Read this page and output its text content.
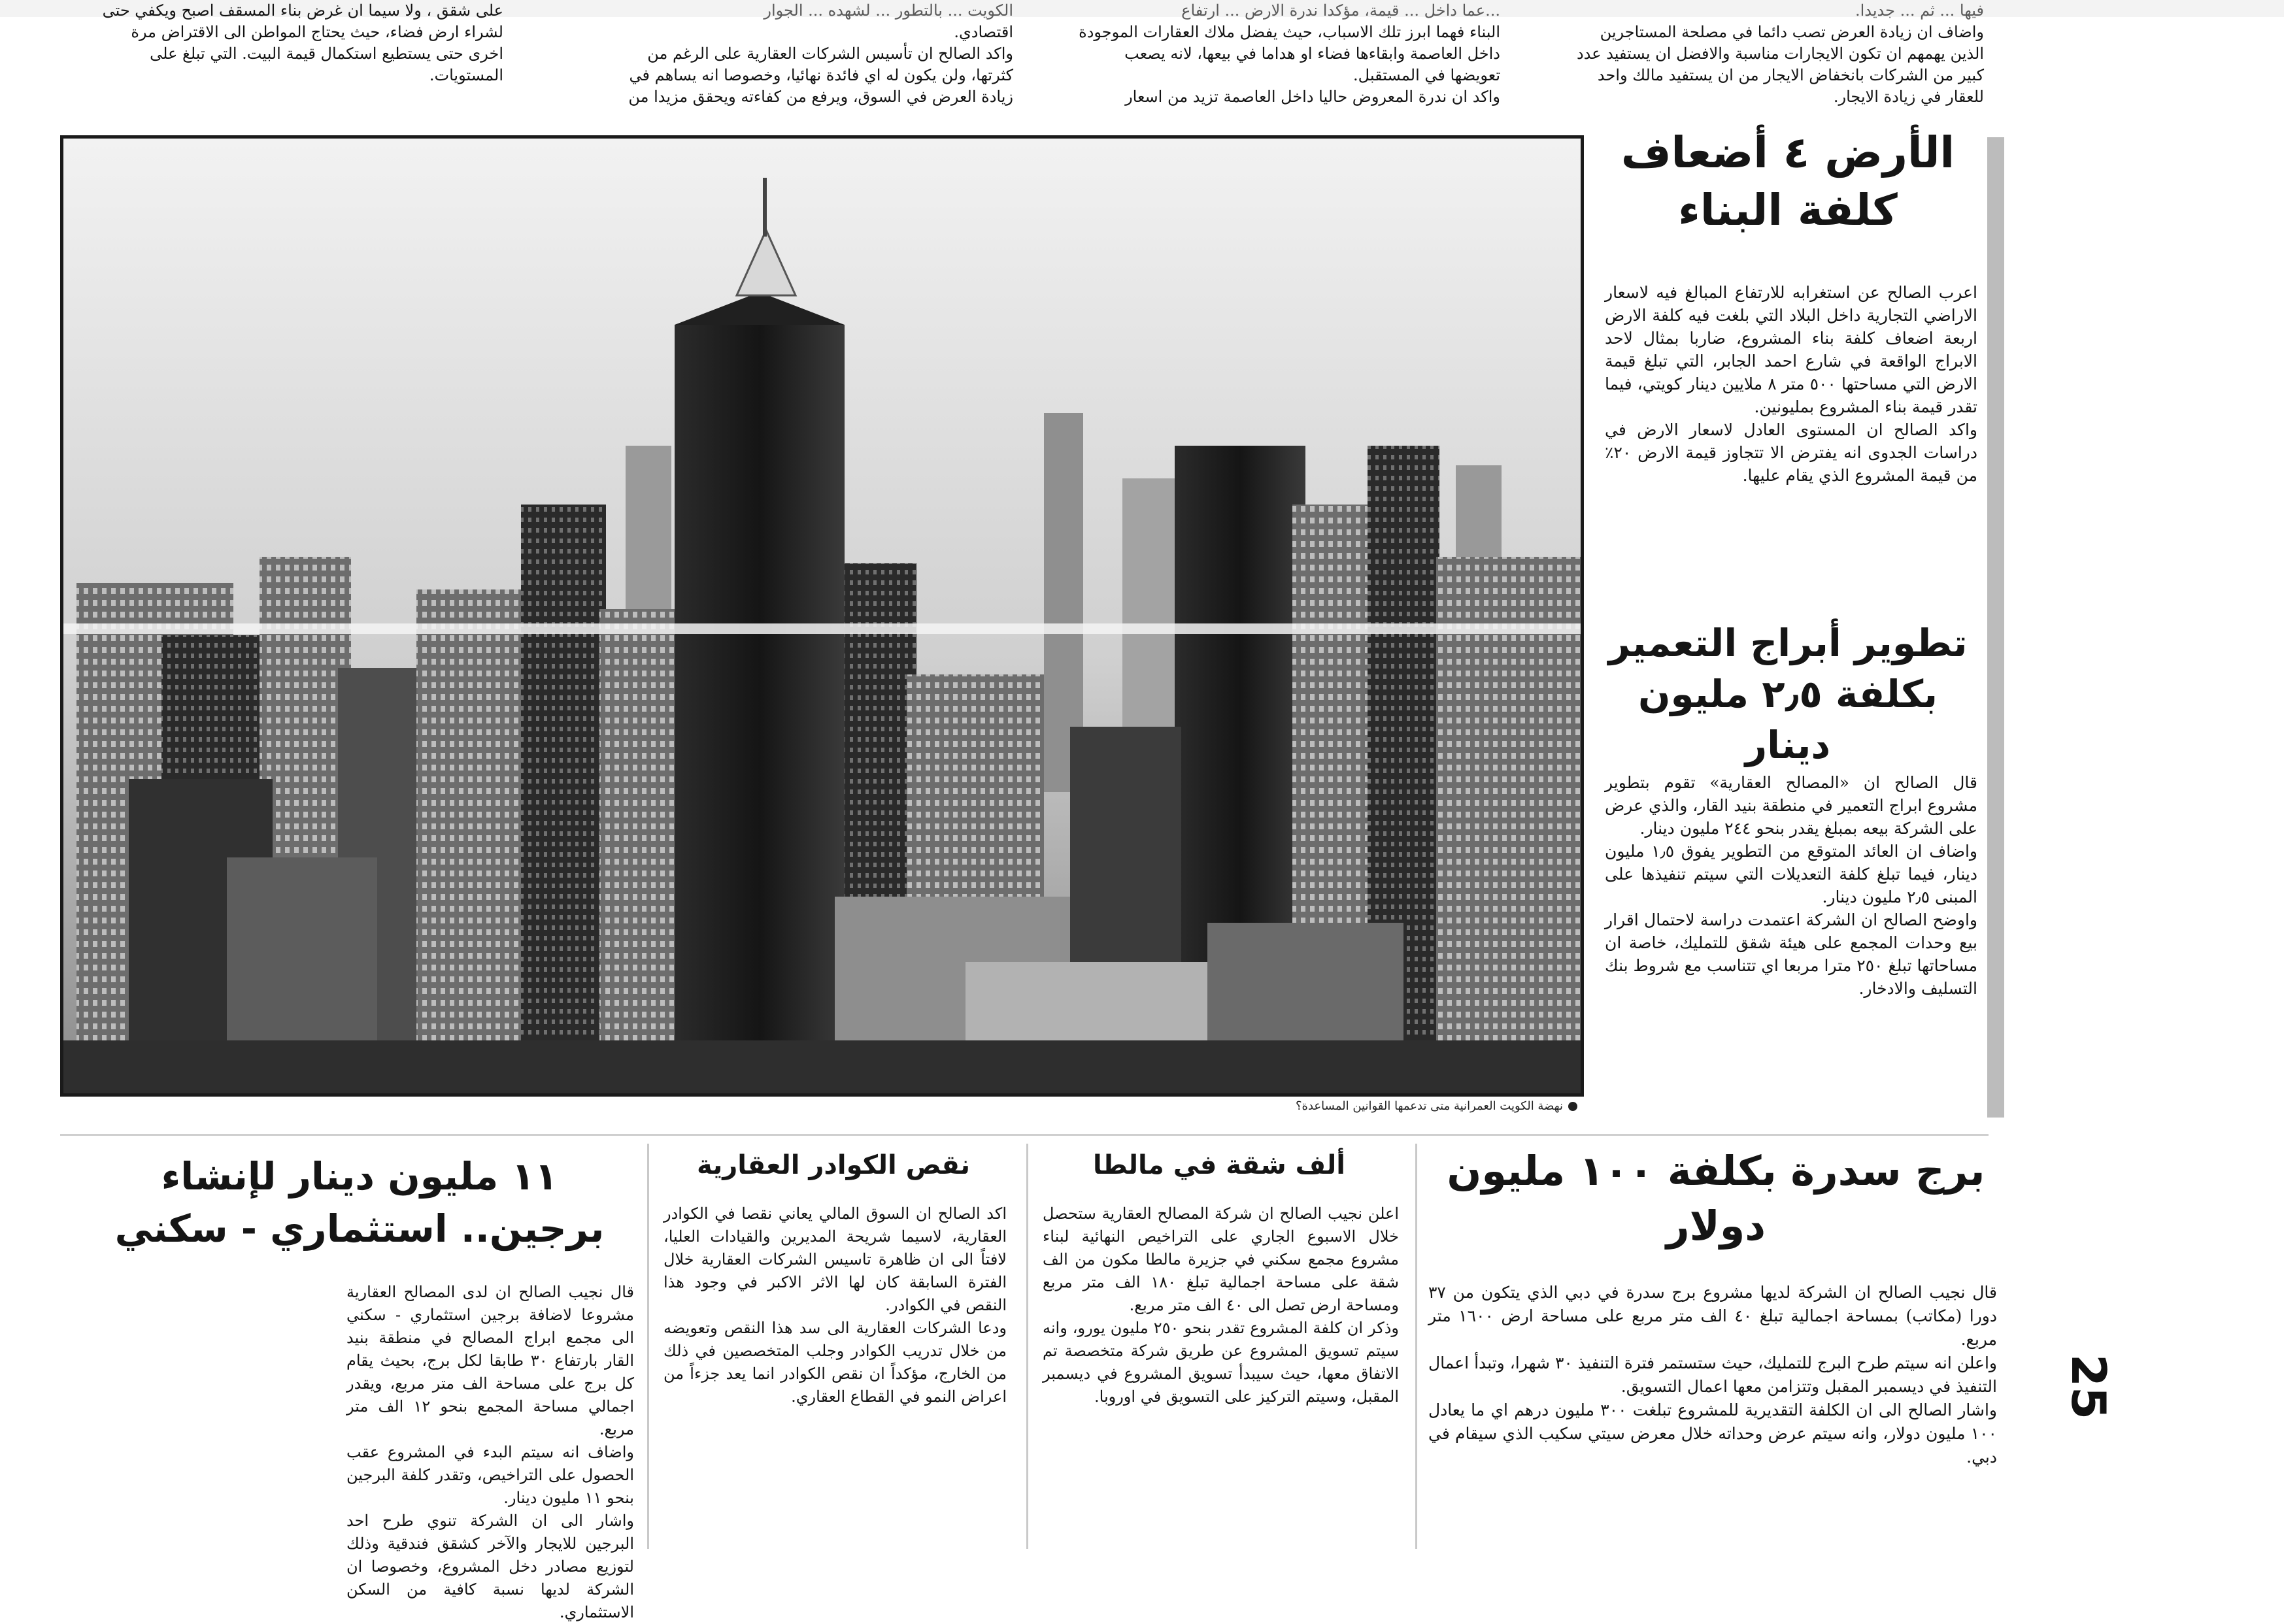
على شقق ، ولا سيما ان غرض بناء المسقف اصبح ويكفي حتى

لشراء ارض فضاء، حيث يحتاج المواطن الى الاقتراض مرة

اخرى حتى يستطيع استكمال قيمة البيت. التي تبلغ على

المستويات.

الكويت ... بالتطور ... لشهده ... الجوار

اقتصادي.

واكد الصالح ان تأسيس الشركات العقارية على الرغم من

كثرتها، ولن يكون له اي فائدة نهائيا، وخصوصا انه يساهم في

زيادة العرض في السوق، ويرفع من كفاءته ويحقق مزيدا من

...عما داخل ... قيمة، مؤكدا ندرة الارض ... ارتفاع

البناء فهما ابرز تلك الاسباب، حيث يفضل ملاك العقارات الموجودة

داخل العاصمة وابقاءها فضاء او هداما في بيعها، لانه يصعب

تعويضها في المستقبل.

واكد ان ندرة المعروض حاليا داخل العاصمة تزيد من اسعار

فيها ... ثم ... جديدا.

واضاف ان زيادة العرض تصب دائما في مصلحة المستاجرين

الذين يهمهم ان تكون الايجارات مناسبة والافضل ان يستفيد عدد

كبير من الشركات بانخفاض الايجار من ان يستفيد مالك واحد

للعقار في زيادة الايجار.

نهضة الكويت العمرانية متى تدعمها القوانين المساعدة؟
الأرض ٤ أضعاف كلفة البناء

اعرب الصالح عن استغرابه للارتفاع المبالغ فيه لاسعار الاراضي التجارية داخل البلاد التي بلغت فيه كلفة الارض اربعة اضعاف كلفة بناء المشروع، ضاربا بمثال لاحد الابراج الواقعة في شارع احمد الجابر، التي تبلغ قيمة الارض التي مساحتها ٥٠٠ متر ٨ ملايين دينار كويتي، فيما تقدر قيمة بناء المشروع بمليونين.

واكد الصالح ان المستوى العادل لاسعار الارض في دراسات الجدوى انه يفترض الا تتجاوز قيمة الارض ٢٠٪ من قيمة المشروع الذي يقام عليها.

تطوير أبراج التعمير بكلفة ٢٫٥ مليون دينار

قال الصالح ان «المصالح العقارية» تقوم بتطوير مشروع ابراج التعمير في منطقة بنيد القار، والذي عرض على الشركة بيعه بمبلغ يقدر بنحو ٢٤٤ مليون دينار.

واضاف ان العائد المتوقع من التطوير يفوق ١٫٥ مليون دينار، فيما تبلغ كلفة التعديلات التي سيتم تنفيذها على المبنى ٢٫٥ مليون دينار.

واوضح الصالح ان الشركة اعتمدت دراسة لاحتمال اقرار بيع وحدات المجمع على هيئة شقق للتمليك، خاصة ان مساحاتها تبلغ ٢٥٠ مترا مربعا اي تتناسب مع شروط بنك التسليف والادخار.

برج سدرة بكلفة ١٠٠ مليون دولار

قال نجيب الصالح ان الشركة لديها مشروع برج سدرة في دبي الذي يتكون من ٣٧ دورا (مكاتب) بمساحة اجمالية تبلغ ٤٠ الف متر مربع على مساحة ارض ١٦٠٠ متر مربع.

واعلن انه سيتم طرح البرج للتمليك، حيث ستستمر فترة التنفيذ ٣٠ شهرا، وتبدأ اعمال التنفيذ في ديسمبر المقبل وتتزامن معها اعمال التسويق.

واشار الصالح الى ان الكلفة التقديرية للمشروع تبلغت ٣٠٠ مليون درهم اي ما يعادل ١٠٠ مليون دولار، وانه سيتم عرض وحداته خلال معرض سيتي سكيب الذي سيقام في دبي.

ألف شقة في مالطا

اعلن نجيب الصالح ان شركة المصالح العقارية ستحصل خلال الاسبوع الجاري على التراخيص النهائية لبناء مشروع مجمع سكني في جزيرة مالطا مكون من الف شقة على مساحة اجمالية تبلغ ١٨٠ الف متر مربع ومساحة ارض تصل الى ٤٠ الف متر مربع.

وذكر ان كلفة المشروع تقدر بنحو ٢٥٠ مليون يورو، وانه سيتم تسويق المشروع عن طريق شركة متخصصة تم الاتفاق معها، حيث سيبدأ تسويق المشروع في ديسمبر المقبل، وسيتم التركيز على التسويق في اوروبا.

نقص الكوادر العقارية

اكد الصالح ان السوق المالي يعاني نقصا في الكوادر العقارية، لاسيما شريحة المديرين والقيادات العليا، لافتاً الى ان ظاهرة تاسيس الشركات العقارية خلال الفترة السابقة كان لها الاثر الاكبر في وجود هذا النقص في الكوادر.

ودعا الشركات العقارية الى سد هذا النقص وتعويضه من خلال تدريب الكوادر وجلب المتخصصين في ذلك من الخارج، مؤكداً ان نقص الكوادر انما يعد جزءاً من اعراض النمو في القطاع العقاري.

١١ مليون دينار لإنشاء برجين.. استثماري - سكني

قال نجيب الصالح ان لدى المصالح العقارية مشروعا لاضافة برجين استثماري - سكني الى مجمع ابراج المصالح في منطقة بنيد القار بارتفاع ٣٠ طابقا لكل برج، بحيث يقام كل برج على مساحة الف متر مربع، ويقدر اجمالي مساحة المجمع بنحو ١٢ الف متر مربع.

واضاف انه سيتم البدء في المشروع عقب الحصول على التراخيص، وتقدر كلفة البرجين بنحو ١١ مليون دينار.

واشار الى ان الشركة تنوي طرح احد البرجين للايجار والآخر كشقق فندقية وذلك لتوزيع مصادر دخل المشروع، وخصوصا ان الشركة لديها نسبة كافية من السكن الاستثماري.

25
